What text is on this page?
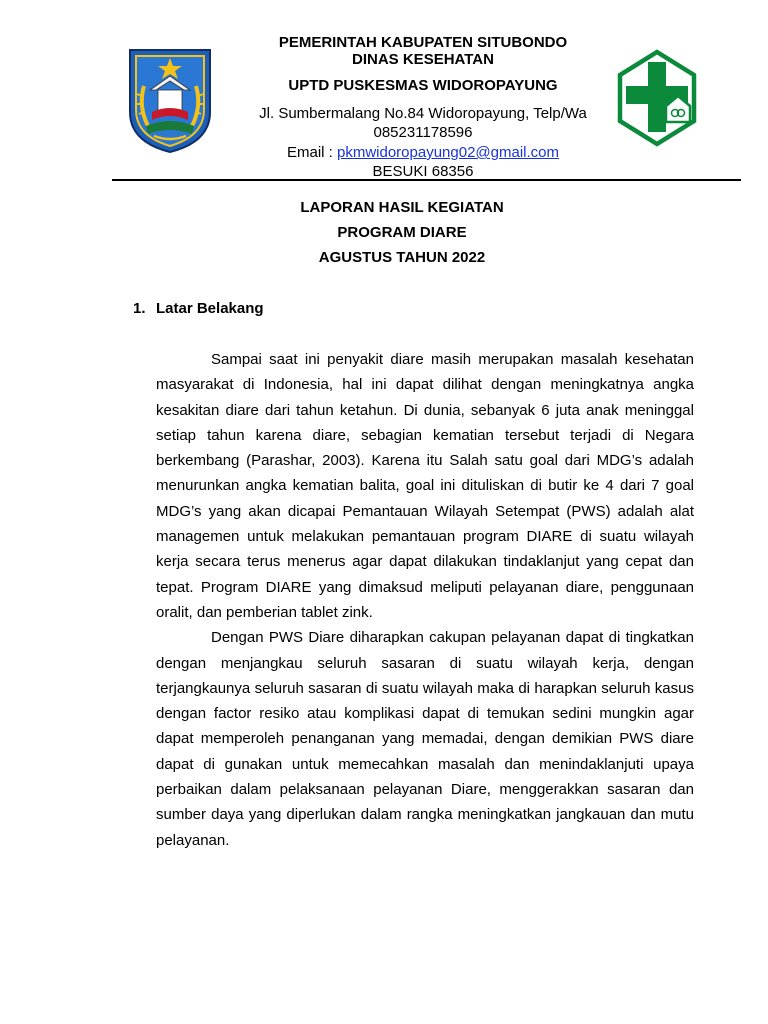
PEMERINTAH KABUPATEN SITUBONDO
DINAS KESEHATAN
UPTD PUSKESMAS WIDOROPAYUNG
Jl. Sumbermalang No.84 Widoropayung, Telp/Wa
085231178596
Email : pkmwidoropayung02@gmail.com
BESUKI 68356
LAPORAN HASIL KEGIATAN
PROGRAM DIARE
AGUSTUS TAHUN 2022
1. Latar Belakang

Sampai saat ini penyakit diare masih merupakan masalah kesehatan masyarakat di Indonesia, hal ini dapat dilihat dengan meningkatnya angka kesakitan diare dari tahun ketahun. Di dunia, sebanyak 6 juta anak meninggal setiap tahun karena diare, sebagian kematian tersebut terjadi di Negara berkembang (Parashar, 2003). Karena itu Salah satu goal dari MDG’s adalah menurunkan angka kematian balita, goal ini dituliskan di butir ke 4 dari 7 goal MDG’s yang akan dicapai Pemantauan Wilayah Setempat (PWS) adalah alat managemen untuk melakukan pemantauan program DIARE di suatu wilayah kerja secara terus menerus agar dapat dilakukan tindaklanjut yang cepat dan tepat. Program DIARE yang dimaksud meliputi pelayanan diare, penggunaan oralit, dan pemberian tablet zink.

Dengan PWS Diare diharapkan cakupan pelayanan dapat di tingkatkan dengan menjangkau seluruh sasaran di suatu wilayah kerja, dengan terjangkaunya seluruh sasaran di suatu wilayah maka di harapkan seluruh kasus dengan factor resiko atau komplikasi dapat di temukan sedini mungkin agar dapat memperoleh penanganan yang memadai, dengan demikian PWS diare dapat di gunakan untuk memecahkan masalah dan menindaklanjuti upaya perbaikan dalam pelaksanaan pelayanan Diare, menggerakkan sasaran dan sumber daya yang diperlukan dalam rangka meningkatkan jangkauan dan mutu pelayanan.
